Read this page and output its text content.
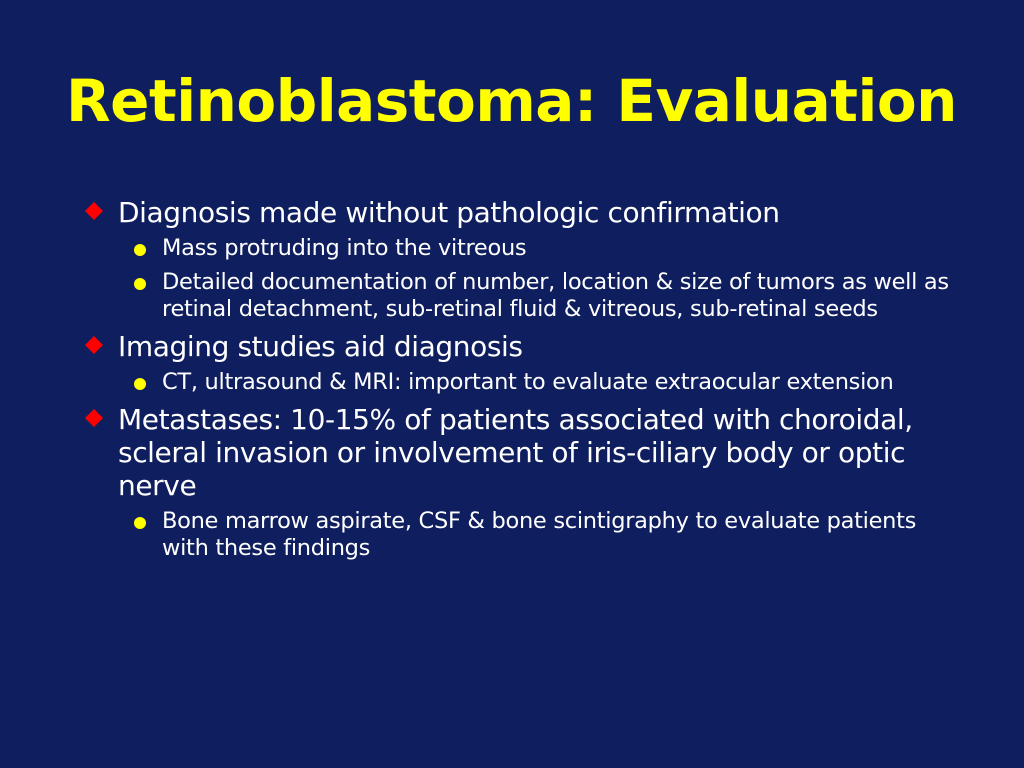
Retinoblastoma: Evaluation
Diagnosis made without pathologic confirmation
Mass protruding into the vitreous
Detailed documentation of number, location & size of tumors as well as retinal detachment, sub-retinal fluid & vitreous, sub-retinal seeds
Imaging studies aid diagnosis
CT, ultrasound & MRI: important to evaluate extraocular extension
Metastases: 10-15% of patients associated with choroidal, scleral invasion or involvement of iris-ciliary body or optic nerve
Bone marrow aspirate, CSF & bone scintigraphy to evaluate patients with these findings
